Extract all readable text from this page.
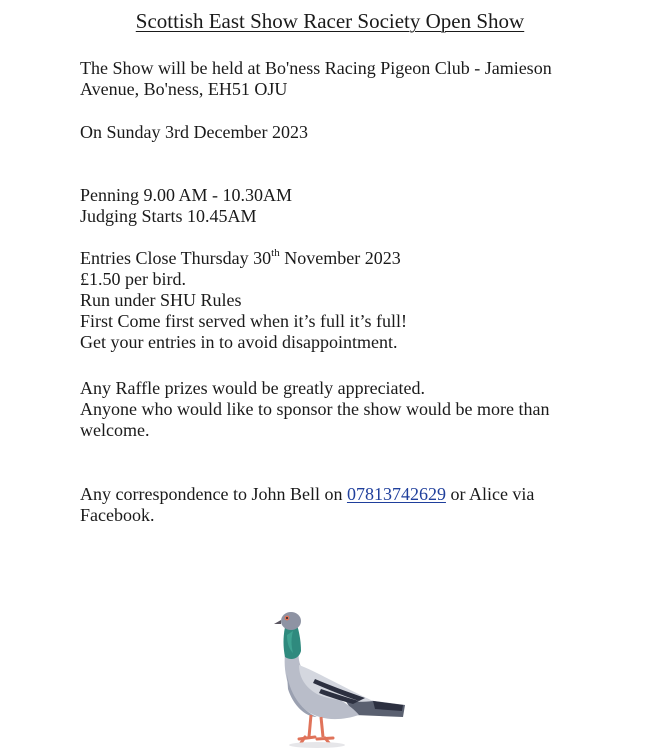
Scottish East Show Racer Society Open Show

The Show will be held at Bo'ness Racing Pigeon Club - Jamieson

Avenue, Bo'ness, EH51 OJU

On Sunday 3rd December 2023

Penning 9.00 AM - 10.30AM

Judging Starts 10.45AM

Entries Close Thursday 30th November 2023

£1.50 per bird.

Run under SHU Rules

First Come first served when it’s full it’s full!

Get your entries in to avoid disappointment.

Any Raffle prizes would be greatly appreciated.

Anyone who would like to sponsor the show would be more than

welcome.

Any correspondence to John Bell on 07813742629 or Alice via

Facebook.
